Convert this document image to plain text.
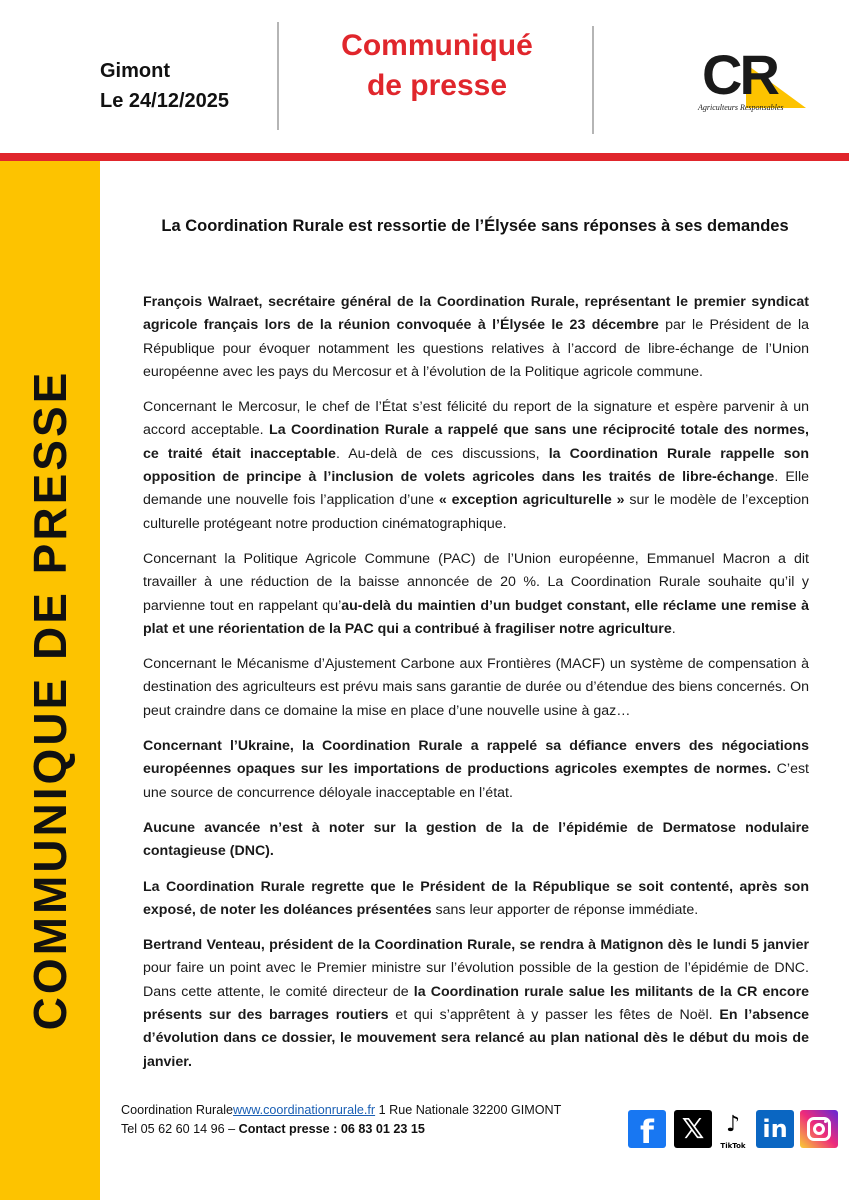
Gimont
Le 24/12/2025
Communiqué
de presse	CR
Agriculteurs Responsables
COMMUNIQUE DE PRESSE
La Coordination Rurale est ressortie de l’Élysée sans réponses à ses demandes

François Walraet, secrétaire général de la Coordination Rurale, représentant le premier syndicat agricole français lors de la réunion convoquée à l’Élysée le 23 décembre par le Président de la République pour évoquer notamment les questions relatives à l’accord de libre-échange de l’Union européenne avec les pays du Mercosur et à l’évolution de la Politique agricole commune.

Concernant le Mercosur, le chef de l’État s’est félicité du report de la signature et espère parvenir à un accord acceptable. La Coordination Rurale a rappelé que sans une réciprocité totale des normes, ce traité était inacceptable. Au-delà de ces discussions, la Coordination Rurale rappelle son opposition de principe à l’inclusion de volets agricoles dans les traités de libre-échange. Elle demande une nouvelle fois l’application d’une « exception agriculturelle » sur le modèle de l’exception culturelle protégeant notre production cinématographique.

Concernant la Politique Agricole Commune (PAC) de l’Union européenne, Emmanuel Macron a dit travailler à une réduction de la baisse annoncée de 20 %. La Coordination Rurale souhaite qu’il y parvienne tout en rappelant qu’au-delà du maintien d’un budget constant, elle réclame une remise à plat et une réorientation de la PAC qui a contribué à fragiliser notre agriculture.

Concernant le Mécanisme d’Ajustement Carbone aux Frontières (MACF) un système de compensation à destination des agriculteurs est prévu mais sans garantie de durée ou d’étendue des biens concernés. On peut craindre dans ce domaine la mise en place d’une nouvelle usine à gaz…

Concernant l’Ukraine, la Coordination Rurale a rappelé sa défiance envers des négociations européennes opaques sur les importations de productions agricoles exemptes de normes. C’est une source de concurrence déloyale inacceptable en l’état.

Aucune avancée n’est à noter sur la gestion de la de l’épidémie de Dermatose nodulaire contagieuse (DNC).

La Coordination Rurale regrette que le Président de la République se soit contenté, après son exposé, de noter les doléances présentées sans leur apporter de réponse immédiate.

Bertrand Venteau, président de la Coordination Rurale, se rendra à Matignon dès le lundi 5 janvier pour faire un point avec le Premier ministre sur l’évolution possible de la gestion de l’épidémie de DNC. Dans cette attente, le comité directeur de la Coordination rurale salue les militants de la CR encore présents sur des barrages routiers et qui s’apprêtent à y passer les fêtes de Noël. En l’absence d’évolution dans ce dossier, le mouvement sera relancé au plan national dès le début du mois de janvier.

Coordination Ruralewww.coordinationrurale.fr 1 Rue Nationale 32200 GIMONT
Tel 05 62 60 14 96 – Contact presse : 06 83 01 23 15	f 𝕏 ♪
TikTok
in
